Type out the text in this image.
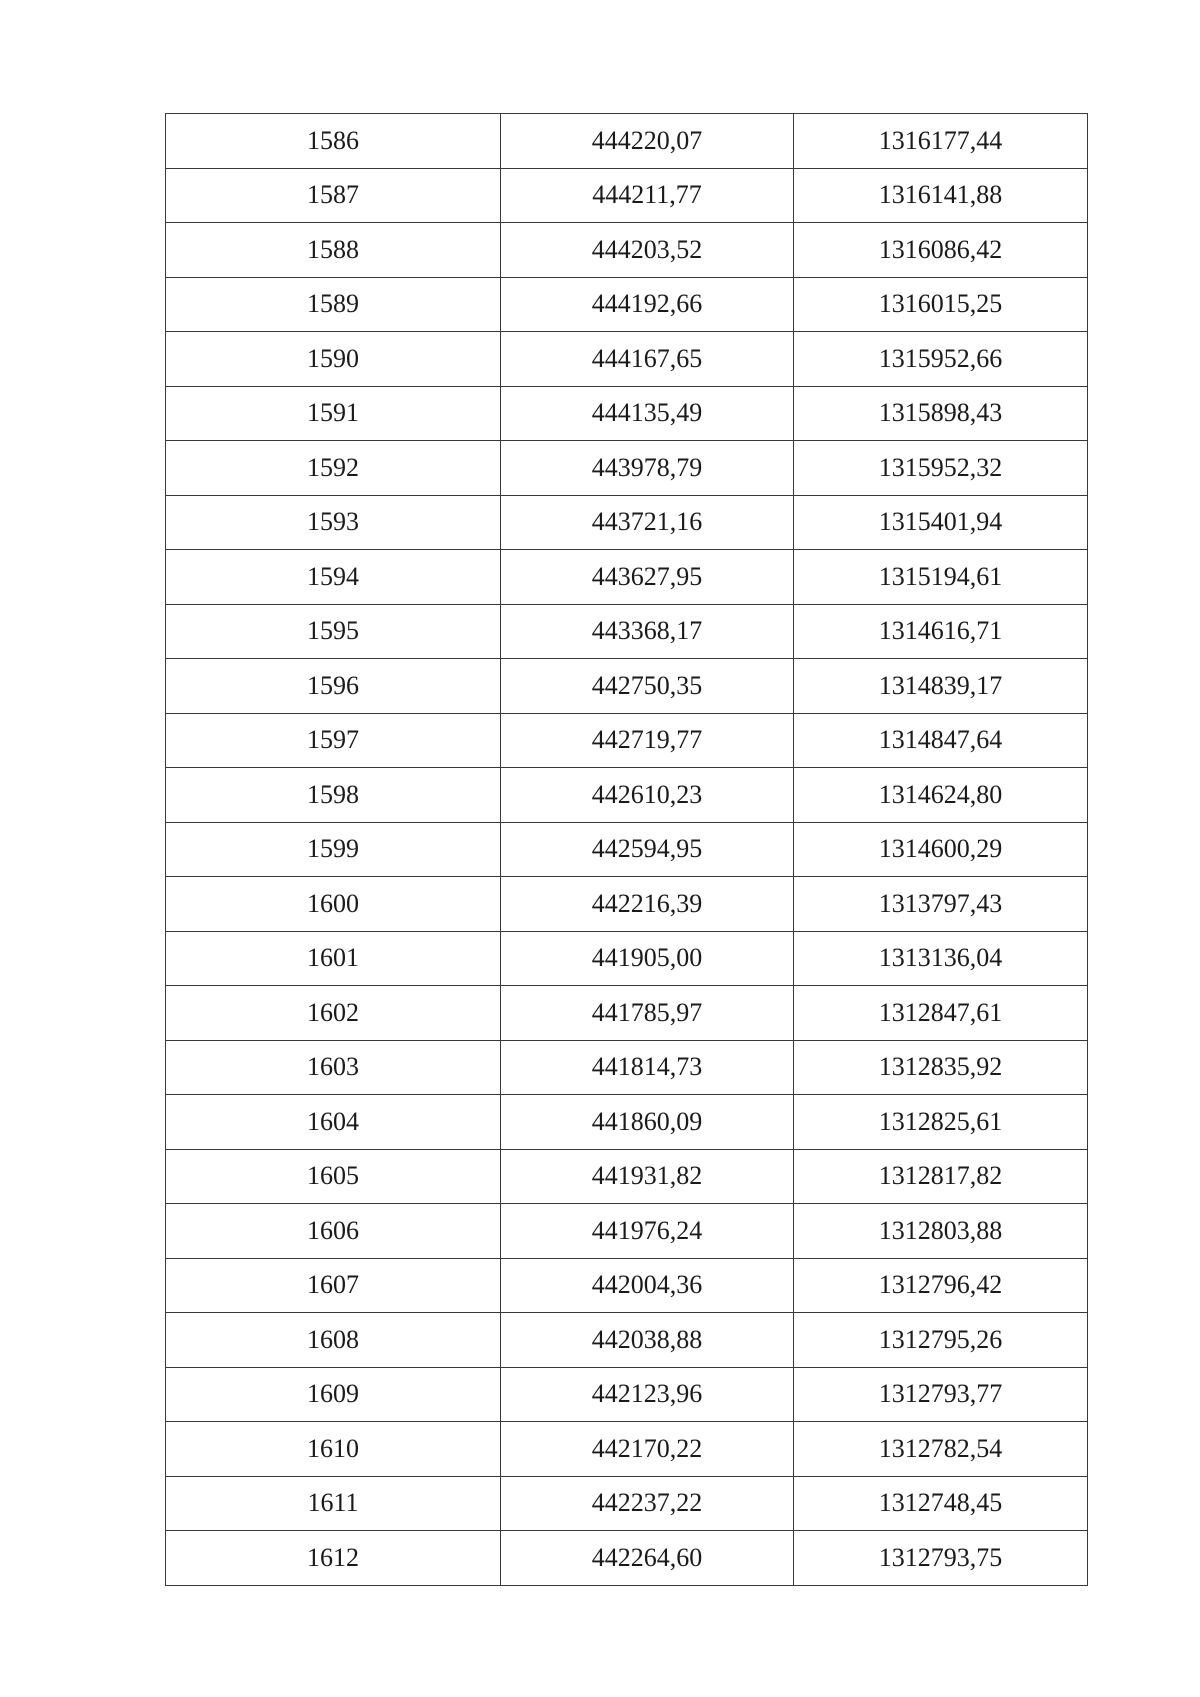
1586	444220,07	1316177,44
1587	444211,77	1316141,88
1588	444203,52	1316086,42
1589	444192,66	1316015,25
1590	444167,65	1315952,66
1591	444135,49	1315898,43
1592	443978,79	1315952,32
1593	443721,16	1315401,94
1594	443627,95	1315194,61
1595	443368,17	1314616,71
1596	442750,35	1314839,17
1597	442719,77	1314847,64
1598	442610,23	1314624,80
1599	442594,95	1314600,29
1600	442216,39	1313797,43
1601	441905,00	1313136,04
1602	441785,97	1312847,61
1603	441814,73	1312835,92
1604	441860,09	1312825,61
1605	441931,82	1312817,82
1606	441976,24	1312803,88
1607	442004,36	1312796,42
1608	442038,88	1312795,26
1609	442123,96	1312793,77
1610	442170,22	1312782,54
1611	442237,22	1312748,45
1612	442264,60	1312793,75
